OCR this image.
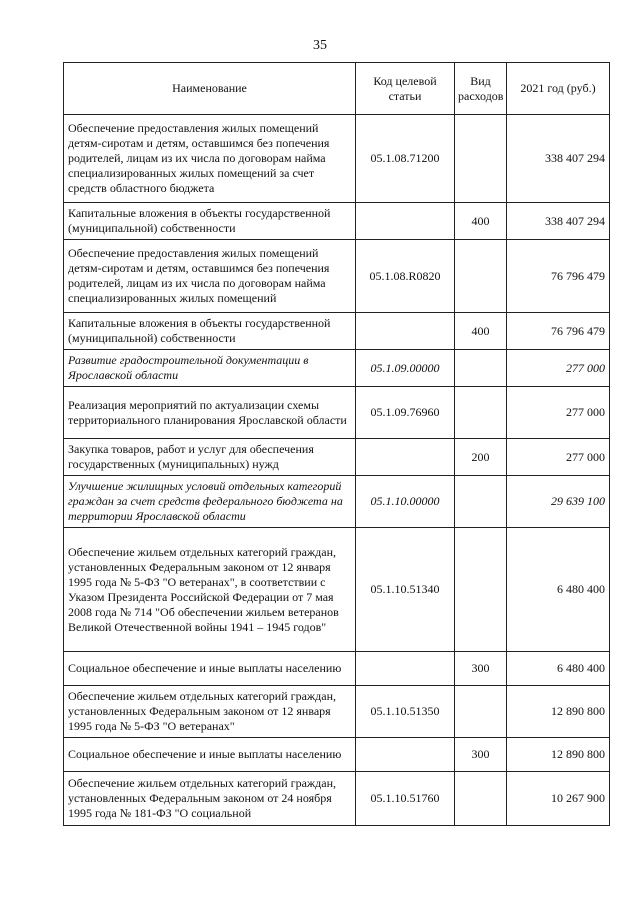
35
Наименование	Код целевой статьи	Вид расходов	2021 год (руб.)
Обеспечение предоставления жилых помещений детям-сиротам и детям, оставшимся без попечения родителей, лицам из их числа по договорам найма специализированных жилых помещений за счет средств областного бюджета	05.1.08.71200		338 407 294
Капитальные вложения в объекты государственной (муниципальной) собственности		400	338 407 294
Обеспечение предоставления жилых помещений детям-сиротам и детям, оставшимся без попечения родителей, лицам из их числа по договорам найма специализированных жилых помещений	05.1.08.R0820		76 796 479
Капитальные вложения в объекты государственной (муниципальной) собственности		400	76 796 479
Развитие градостроительной документации в Ярославской области	05.1.09.00000		277 000
Реализация мероприятий по актуализации схемы территориального планирования Ярославской области	05.1.09.76960		277 000
Закупка товаров, работ и услуг для обеспечения государственных (муниципальных) нужд		200	277 000
Улучшение жилищных условий отдельных категорий граждан за счет средств федерального бюджета на территории Ярославской области	05.1.10.00000		29 639 100
Обеспечение жильем отдельных категорий граждан, установленных Федеральным законом от 12 января 1995 года № 5-ФЗ "О ветеранах", в соответствии с Указом Президента Российской Федерации от 7 мая 2008 года № 714 "Об обеспечении жильем ветеранов Великой Отечественной войны 1941 – 1945 годов"	05.1.10.51340		6 480 400
Социальное обеспечение и иные выплаты населению		300	6 480 400
Обеспечение жильем отдельных категорий граждан, установленных Федеральным законом от 12 января 1995 года № 5-ФЗ "О ветеранах"	05.1.10.51350		12 890 800
Социальное обеспечение и иные выплаты населению		300	12 890 800
Обеспечение жильем отдельных категорий граждан, установленных Федеральным законом от 24 ноября 1995 года № 181-ФЗ "О социальной	05.1.10.51760		10 267 900
